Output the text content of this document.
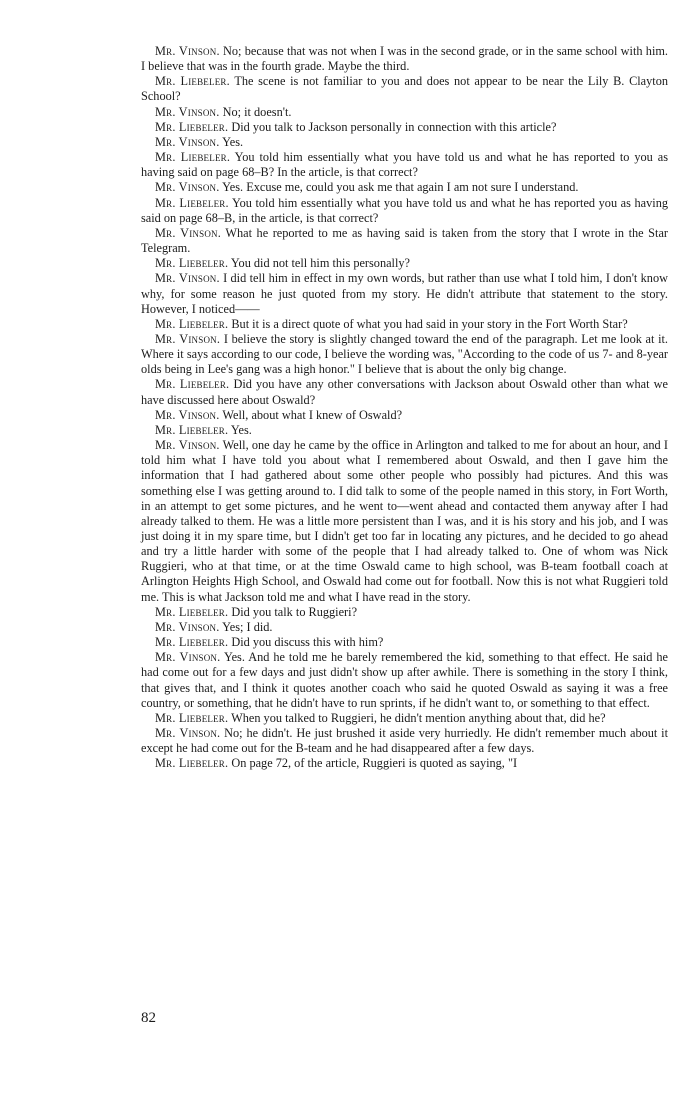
Mr. Vinson. No; because that was not when I was in the second grade, or in the same school with him. I believe that was in the fourth grade. Maybe the third.

Mr. Liebeler. The scene is not familiar to you and does not appear to be near the Lily B. Clayton School?

Mr. Vinson. No; it doesn't.

Mr. Liebeler. Did you talk to Jackson personally in connection with this article?

Mr. Vinson. Yes.

Mr. Liebeler. You told him essentially what you have told us and what he has reported to you as having said on page 68–B? In the article, is that correct?

Mr. Vinson. Yes. Excuse me, could you ask me that again I am not sure I understand.

Mr. Liebeler. You told him essentially what you have told us and what he has reported you as having said on page 68–B, in the article, is that correct?

Mr. Vinson. What he reported to me as having said is taken from the story that I wrote in the Star Telegram.

Mr. Liebeler. You did not tell him this personally?

Mr. Vinson. I did tell him in effect in my own words, but rather than use what I told him, I don't know why, for some reason he just quoted from my story. He didn't attribute that statement to the story. However, I noticed——

Mr. Liebeler. But it is a direct quote of what you had said in your story in the Fort Worth Star?

Mr. Vinson. I believe the story is slightly changed toward the end of the paragraph. Let me look at it. Where it says according to our code, I believe the wording was, "According to the code of us 7- and 8-year olds being in Lee's gang was a high honor." I believe that is about the only big change.

Mr. Liebeler. Did you have any other conversations with Jackson about Oswald other than what we have discussed here about Oswald?

Mr. Vinson. Well, about what I knew of Oswald?

Mr. Liebeler. Yes.

Mr. Vinson. Well, one day he came by the office in Arlington and talked to me for about an hour, and I told him what I have told you about what I remembered about Oswald, and then I gave him the information that I had gathered about some other people who possibly had pictures. And this was something else I was getting around to. I did talk to some of the people named in this story, in Fort Worth, in an attempt to get some pictures, and he went to—went ahead and contacted them anyway after I had already talked to them. He was a little more persistent than I was, and it is his story and his job, and I was just doing it in my spare time, but I didn't get too far in locating any pictures, and he decided to go ahead and try a little harder with some of the people that I had already talked to. One of whom was Nick Ruggieri, who at that time, or at the time Oswald came to high school, was B-team football coach at Arlington Heights High School, and Oswald had come out for football. Now this is not what Ruggieri told me. This is what Jackson told me and what I have read in the story.

Mr. Liebeler. Did you talk to Ruggieri?

Mr. Vinson. Yes; I did.

Mr. Liebeler. Did you discuss this with him?

Mr. Vinson. Yes. And he told me he barely remembered the kid, something to that effect. He said he had come out for a few days and just didn't show up after awhile. There is something in the story I think, that gives that, and I think it quotes another coach who said he quoted Oswald as saying it was a free country, or something, that he didn't have to run sprints, if he didn't want to, or something to that effect.

Mr. Liebeler. When you talked to Ruggieri, he didn't mention anything about that, did he?

Mr. Vinson. No; he didn't. He just brushed it aside very hurriedly. He didn't remember much about it except he had come out for the B-team and he had disappeared after a few days.

Mr. Liebeler. On page 72, of the article, Ruggieri is quoted as saying, "I

82
